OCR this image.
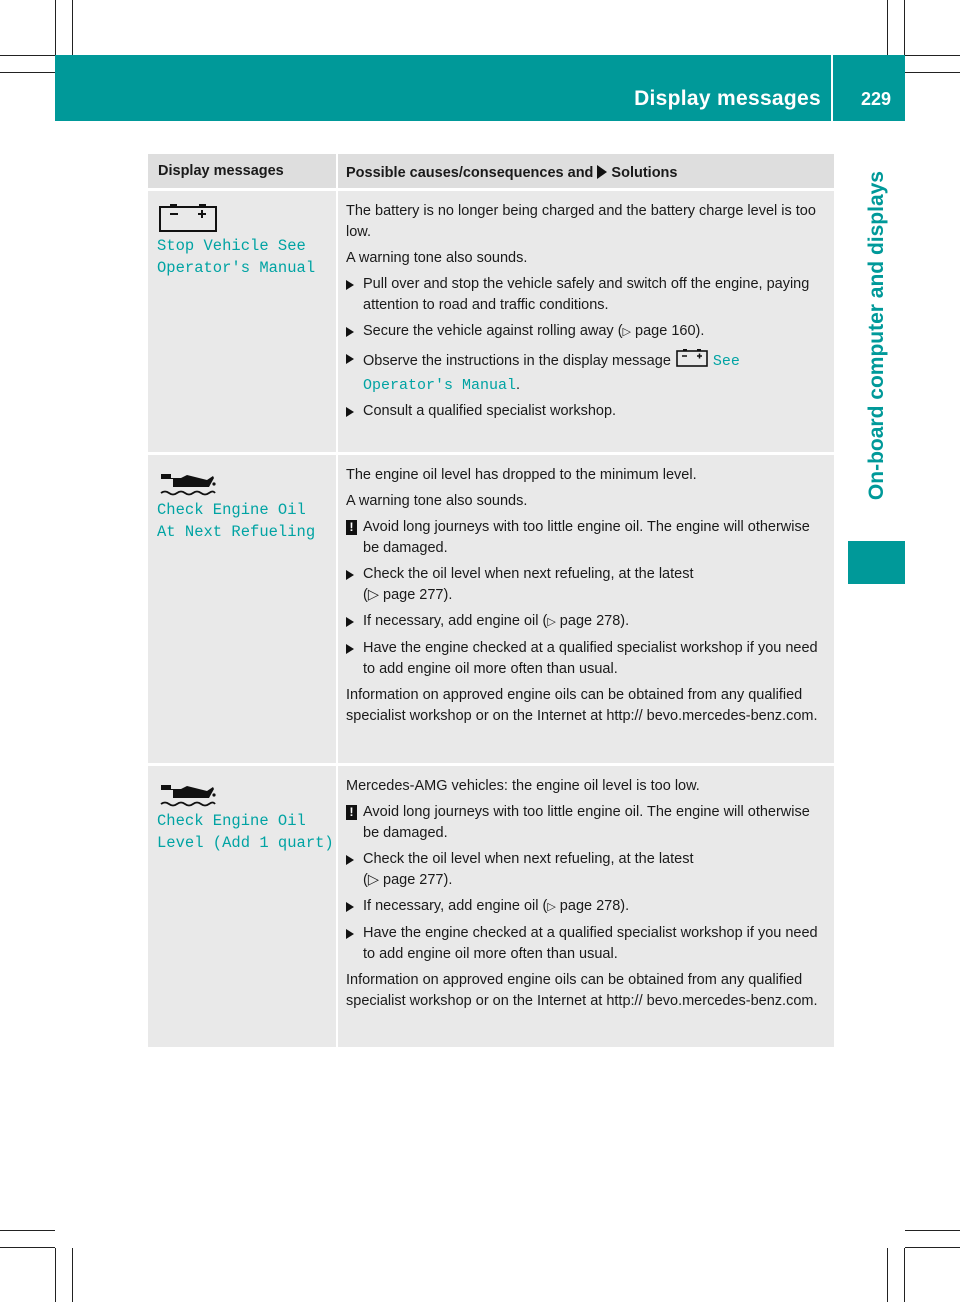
Display messages 229
On-board computer and displays
Display messages	Possible causes/consequences and Solutions
Stop Vehicle See
Operator's Manual
The battery is no longer being charged and the battery charge level is too low.
A warning tone also sounds.
Pull over and stop the vehicle safely and switch off the engine, paying attention to road and traffic conditions.
Secure the vehicle against rolling away (▷ page 160).
Observe the instructions in the display message	See
Operator's Manual.
Consult a qualified specialist workshop.
Check Engine Oil
At Next Refueling
The engine oil level has dropped to the minimum level.
A warning tone also sounds.
! Avoid long journeys with too little engine oil. The engine will otherwise be damaged.
Check the oil level when next refueling, at the latest
(▷ page 277).
If necessary, add engine oil (▷ page 278).
Have the engine checked at a qualified specialist workshop if you need to add engine oil more often than usual.
Information on approved engine oils can be obtained from any qualified specialist workshop or on the Internet at http:// bevo.mercedes-benz.com.
Check Engine Oil
Level (Add 1 quart)
Mercedes-AMG vehicles: the engine oil level is too low.
! Avoid long journeys with too little engine oil. The engine will otherwise be damaged.
Check the oil level when next refueling, at the latest
(▷ page 277).
If necessary, add engine oil (▷ page 278).
Have the engine checked at a qualified specialist workshop if you need to add engine oil more often than usual.
Information on approved engine oils can be obtained from any qualified specialist workshop or on the Internet at http:// bevo.mercedes-benz.com.
